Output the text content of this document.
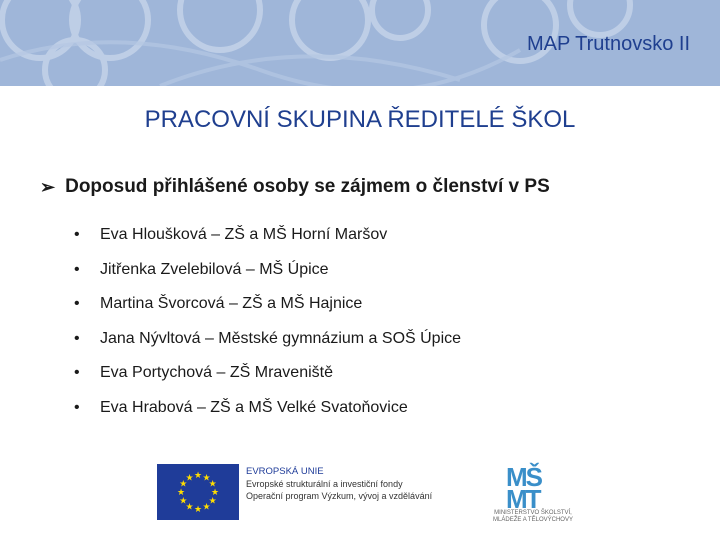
MAP Trutnovsko II
PRACOVNÍ SKUPINA ŘEDITELÉ ŠKOL
➢ Doposud přihlášené osoby se zájmem o členství v PS
•	Eva Hloušková – ZŠ a MŠ Horní Maršov
•	Jitřenka Zvelebilová – MŠ Úpice
•	Martina Švorcová – ZŠ a MŠ Hajnice
•	Jana Nývltová – Městské gymnázium a SOŠ Úpice
•	Eva Portychová – ZŠ Mraveniště
•	Eva Hrabová – ZŠ a MŠ Velké Svatoňovice
★ ★
★
★
★
★
★
★
★
★
★
★
EVROPSKÁ UNIE
Evropské strukturální a investiční fondy
Operační program Výzkum, vývoj a vzdělávání
MŠ
MT
MINISTERSTVO ŠKOLSTVÍ,
MLÁDEŽE A TĚLOVÝCHOVY
